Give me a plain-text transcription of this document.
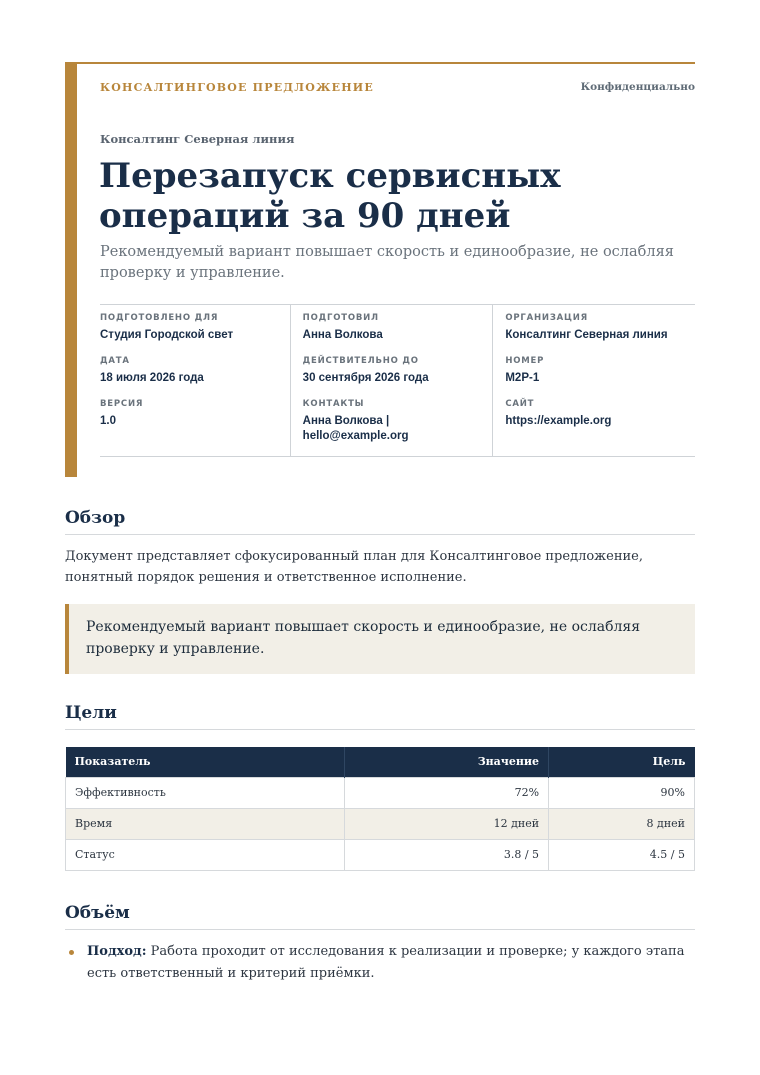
КОНСАЛТИНГОВОЕ ПРЕДЛОЖЕНИЕ	Конфиденциально
Консалтинг Северная линия
Перезапуск сервисных операций за 90 дней

Рекомендуемый вариант повышает скорость и единообразие, не ослабляя проверку и управление.

ПОДГОТОВЛЕНО ДЛЯ
Студия Городской свет
ДАТА
18 июля 2026 года
ВЕРСИЯ
1.0
ПОДГОТОВИЛ
Анна Волкова
ДЕЙСТВИТЕЛЬНО ДО
30 сентября 2026 года
КОНТАКТЫ
Анна Волкова | hello@example.org
ОРГАНИЗАЦИЯ
Консалтинг Северная линия
НОМЕР
M2P-1
САЙТ
https://example.org
Обзор

Документ представляет сфокусированный план для Консалтинговое предложение, понятный порядок решения и ответственное исполнение.

Рекомендуемый вариант повышает скорость и единообразие, не ослабляя проверку и управление.
Цели
Показатель	Значение	Цель
Эффективность	72%	90%
Время	12 дней	8 дней
Статус	3.8 / 5	4.5 / 5
Объём
Подход: Работа проходит от исследования к реализации и проверке; у каждого этапа есть ответственный и критерий приёмки.
